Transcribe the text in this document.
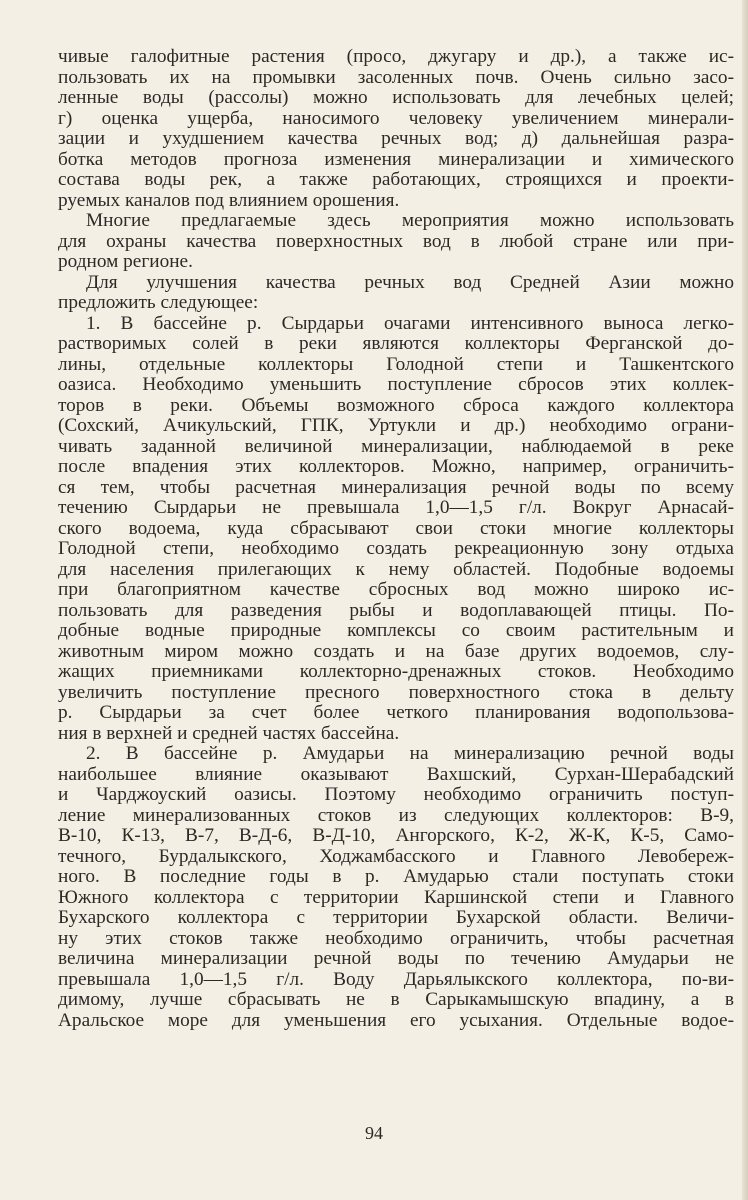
чивые галофитные растения (просо, джугару и др.), а также ис-
пользовать их на промывки засоленных почв. Очень сильно засо-
ленные воды (рассолы) можно использовать для лечебных целей;
г) оценка ущерба, наносимого человеку увеличением минерали-
зации и ухудшением качества речных вод; д) дальнейшая разра-
ботка методов прогноза изменения минерализации и химического
состава воды рек, а также работающих, строящихся и проекти-
руемых каналов под влиянием орошения.
Многие предлагаемые здесь мероприятия можно использовать
для охраны качества поверхностных вод в любой стране или при-
родном регионе.
Для улучшения качества речных вод Средней Азии можно
предложить следующее:
1. В бассейне р. Сырдарьи очагами интенсивного выноса легко-
растворимых солей в реки являются коллекторы Ферганской до-
лины, отдельные коллекторы Голодной степи и Ташкентского
оазиса. Необходимо уменьшить поступление сбросов этих коллек-
торов в реки. Объемы возможного сброса каждого коллектора
(Сохский, Ачикульский, ГПК, Уртукли и др.) необходимо ограни-
чивать заданной величиной минерализации, наблюдаемой в реке
после впадения этих коллекторов. Можно, например, ограничить-
ся тем, чтобы расчетная минерализация речной воды по всему
течению Сырдарьи не превышала 1,0—1,5 г/л. Вокруг Арнасай-
ского водоема, куда сбрасывают свои стоки многие коллекторы
Голодной степи, необходимо создать рекреационную зону отдыха
для населения прилегающих к нему областей. Подобные водоемы
при благоприятном качестве сбросных вод можно широко ис-
пользовать для разведения рыбы и водоплавающей птицы. По-
добные водные природные комплексы со своим растительным и
животным миром можно создать и на базе других водоемов, слу-
жащих приемниками коллекторно-дренажных стоков. Необходимо
увеличить поступление пресного поверхностного стока в дельту
р. Сырдарьи за счет более четкого планирования водопользова-
ния в верхней и средней частях бассейна.
2. В бассейне р. Амударьи на минерализацию речной воды
наибольшее влияние оказывают Вахшский, Сурхан-Шерабадский
и Чарджоуский оазисы. Поэтому необходимо ограничить поступ-
ление минерализованных стоков из следующих коллекторов: В-9,
В-10, К-13, В-7, В-Д-6, В-Д-10, Ангорского, К-2, Ж-К, К-5, Само-
течного, Бурдалыкского, Ходжамбасского и Главного Левобереж-
ного. В последние годы в р. Амударью стали поступать стоки
Южного коллектора с территории Каршинской степи и Главного
Бухарского коллектора с территории Бухарской области. Величи-
ну этих стоков также необходимо ограничить, чтобы расчетная
величина минерализации речной воды по течению Амударьи не
превышала 1,0—1,5 г/л. Воду Дарьялыкского коллектора, по-ви-
димому, лучше сбрасывать не в Сарыкамышскую впадину, а в
Аральское море для уменьшения его усыхания. Отдельные водое-
94
